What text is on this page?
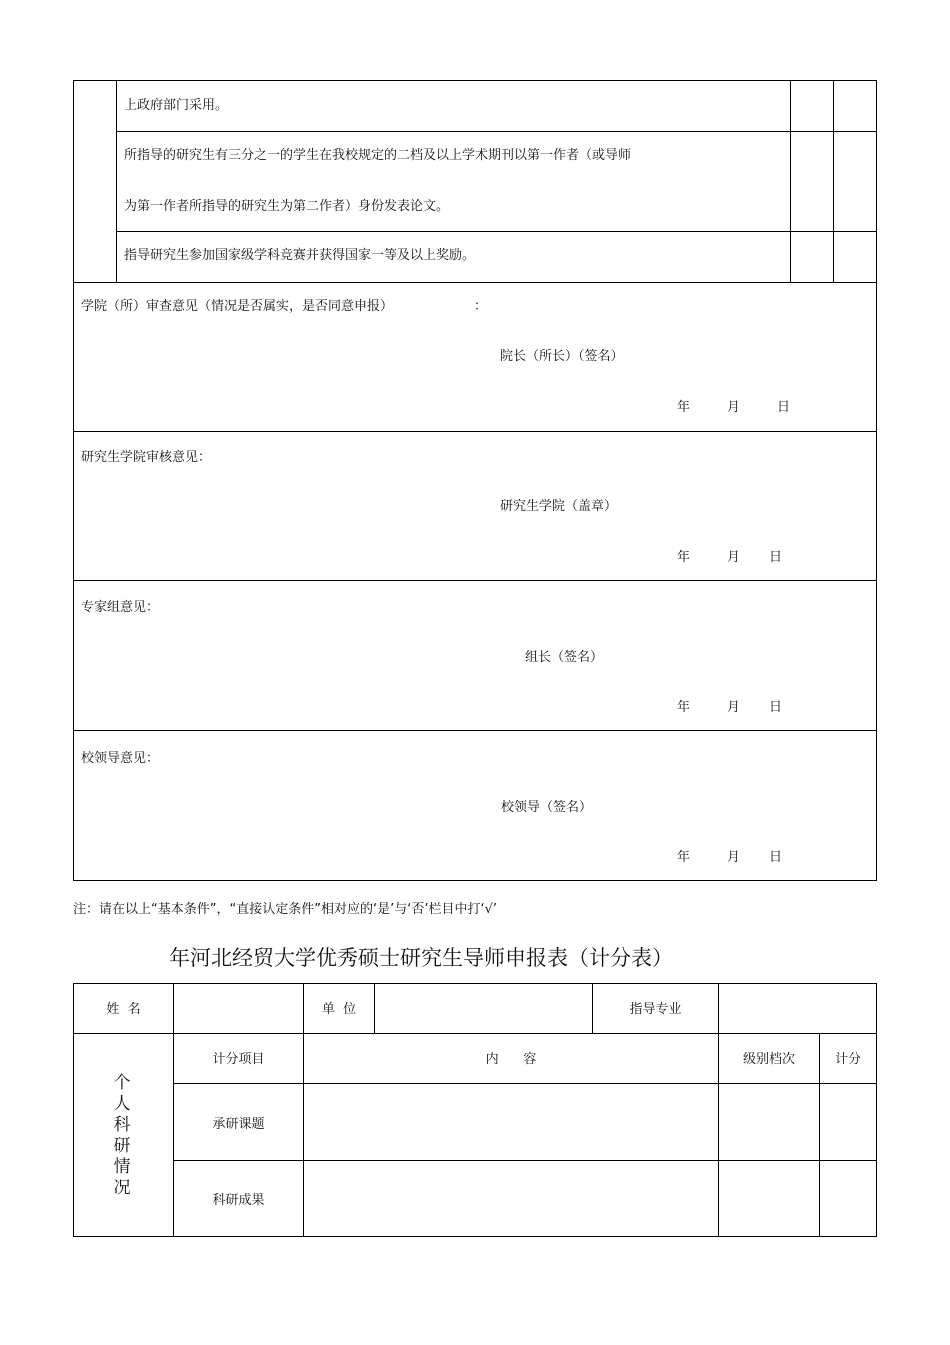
上政府部门采用。
所指导的研究生有三分之一的学生在我校规定的二档及以上学术期刊以第一作者（或导师
为第一作者所指导的研究生为第二作者）身份发表论文。
指导研究生参加国家级学科竞赛并获得国家一等及以上奖励。
学院（所）审查意见（情况是否属实，是否同意申报）	：
院长（所长）（签名）
年	月	日
研究生学院审核意见：
研究生学院（盖章）
年	月 日
专家组意见：
组长（签名）
年	月 日
校领导意见：
校领导（签名）
年	月 日
注：请在以上“基本条件”，“直接认定条件”相对应的‘是’与‘否’栏目中打‘√’
年河北经贸大学优秀硕士研究生导师申报表（计分表）
姓  名	单  位	指导专业
计分项目	内      容	级别档次	计分
个
人
科
研
情
况
承研课题
科研成果
